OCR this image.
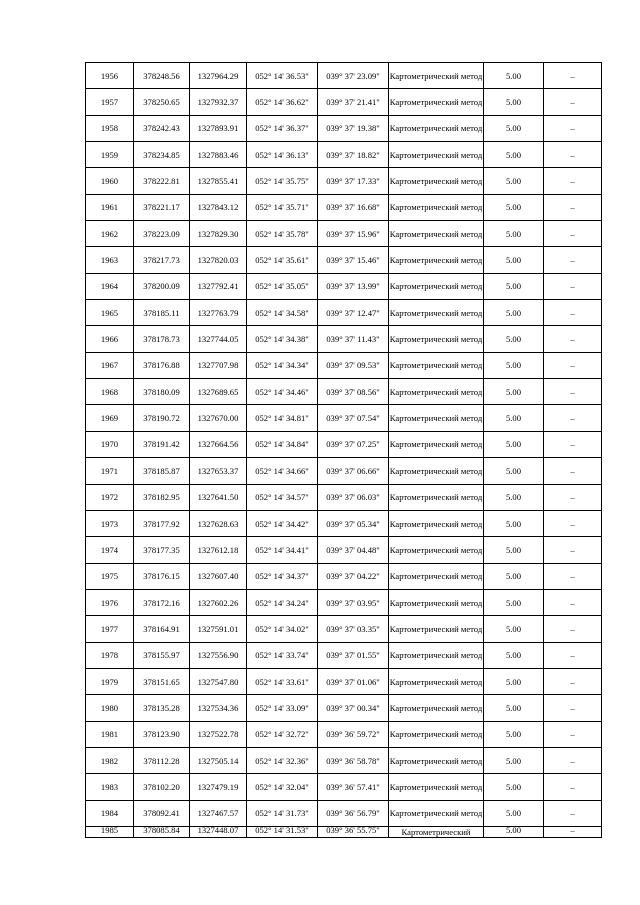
1956	378248.56	1327964.29	052° 14' 36.53"	039° 37' 23.09"	Картометрический метод	5.00	–
1957	378250.65	1327932.37	052° 14' 36.62"	039° 37' 21.41"	Картометрический метод	5.00	–
1958	378242.43	1327893.91	052° 14' 36.37"	039° 37' 19.38"	Картометрический метод	5.00	–
1959	378234.85	1327883.46	052° 14' 36.13"	039° 37' 18.82"	Картометрический метод	5.00	–
1960	378222.81	1327855.41	052° 14' 35.75"	039° 37' 17.33"	Картометрический метод	5.00	–
1961	378221.17	1327843.12	052° 14' 35.71"	039° 37' 16.68"	Картометрический метод	5.00	–
1962	378223.09	1327829.30	052° 14' 35.78"	039° 37' 15.96"	Картометрический метод	5.00	–
1963	378217.73	1327820.03	052° 14' 35.61"	039° 37' 15.46"	Картометрический метод	5.00	–
1964	378200.09	1327792.41	052° 14' 35.05"	039° 37' 13.99"	Картометрический метод	5.00	–
1965	378185.11	1327763.79	052° 14' 34.58"	039° 37' 12.47"	Картометрический метод	5.00	–
1966	378178.73	1327744.05	052° 14' 34.38"	039° 37' 11.43"	Картометрический метод	5.00	–
1967	378176.88	1327707.98	052° 14' 34.34"	039° 37' 09.53"	Картометрический метод	5.00	–
1968	378180.09	1327689.65	052° 14' 34.46"	039° 37' 08.56"	Картометрический метод	5.00	–
1969	378190.72	1327670.00	052° 14' 34.81"	039° 37' 07.54"	Картометрический метод	5.00	–
1970	378191.42	1327664.56	052° 14' 34.84"	039° 37' 07.25"	Картометрический метод	5.00	–
1971	378185.87	1327653.37	052° 14' 34.66"	039° 37' 06.66"	Картометрический метод	5.00	–
1972	378182.95	1327641.50	052° 14' 34.57"	039° 37' 06.03"	Картометрический метод	5.00	–
1973	378177.92	1327628.63	052° 14' 34.42"	039° 37' 05.34"	Картометрический метод	5.00	–
1974	378177.35	1327612.18	052° 14' 34.41"	039° 37' 04.48"	Картометрический метод	5.00	–
1975	378176.15	1327607.40	052° 14' 34.37"	039° 37' 04.22"	Картометрический метод	5.00	–
1976	378172.16	1327602.26	052° 14' 34.24"	039° 37' 03.95"	Картометрический метод	5.00	–
1977	378164.91	1327591.01	052° 14' 34.02"	039° 37' 03.35"	Картометрический метод	5.00	–
1978	378155.97	1327556.90	052° 14' 33.74"	039° 37' 01.55"	Картометрический метод	5.00	–
1979	378151.65	1327547.80	052° 14' 33.61"	039° 37' 01.06"	Картометрический метод	5.00	–
1980	378135.28	1327534.36	052° 14' 33.09"	039° 37' 00.34"	Картометрический метод	5.00	–
1981	378123.90	1327522.78	052° 14' 32.72"	039° 36' 59.72"	Картометрический метод	5.00	–
1982	378112.28	1327505.14	052° 14' 32.36"	039° 36' 58.78"	Картометрический метод	5.00	–
1983	378102.20	1327479.19	052° 14' 32.04"	039° 36' 57.41"	Картометрический метод	5.00	–
1984	378092.41	1327467.57	052° 14' 31.73"	039° 36' 56.79"	Картометрический метод	5.00	–
1985	378085.84	1327448.07	052° 14' 31.53"	039° 36' 55.75"	Картометрический	5.00	–
